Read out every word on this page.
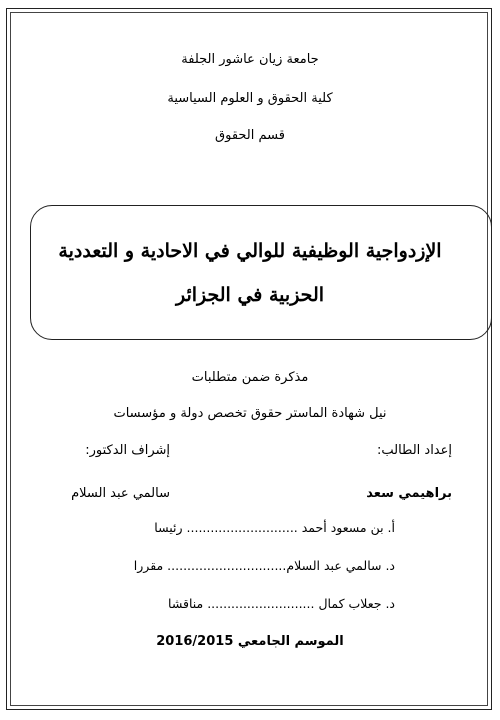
جامعة زيان عاشور الجلفة
كلية الحقوق و العلوم السياسية
قسم الحقوق
الإزدواجية الوظيفية للوالي في الاحادية و التعددية
الحزبية في الجزائر
مذكرة ضمن متطلبات
نيل شهادة الماستر حقوق تخصص دولة و مؤسسات
إعداد الطالب:
إشراف الدكتور:
براهيمي سعد
سالمي عبد السلام
أ. بن مسعود أحمد ............................ رئيسا
د. سالمي عبد السلام.............................. مقررا
د. جعلاب كمال ........................... مناقشا
الموسم الجامعي 2016/2015
